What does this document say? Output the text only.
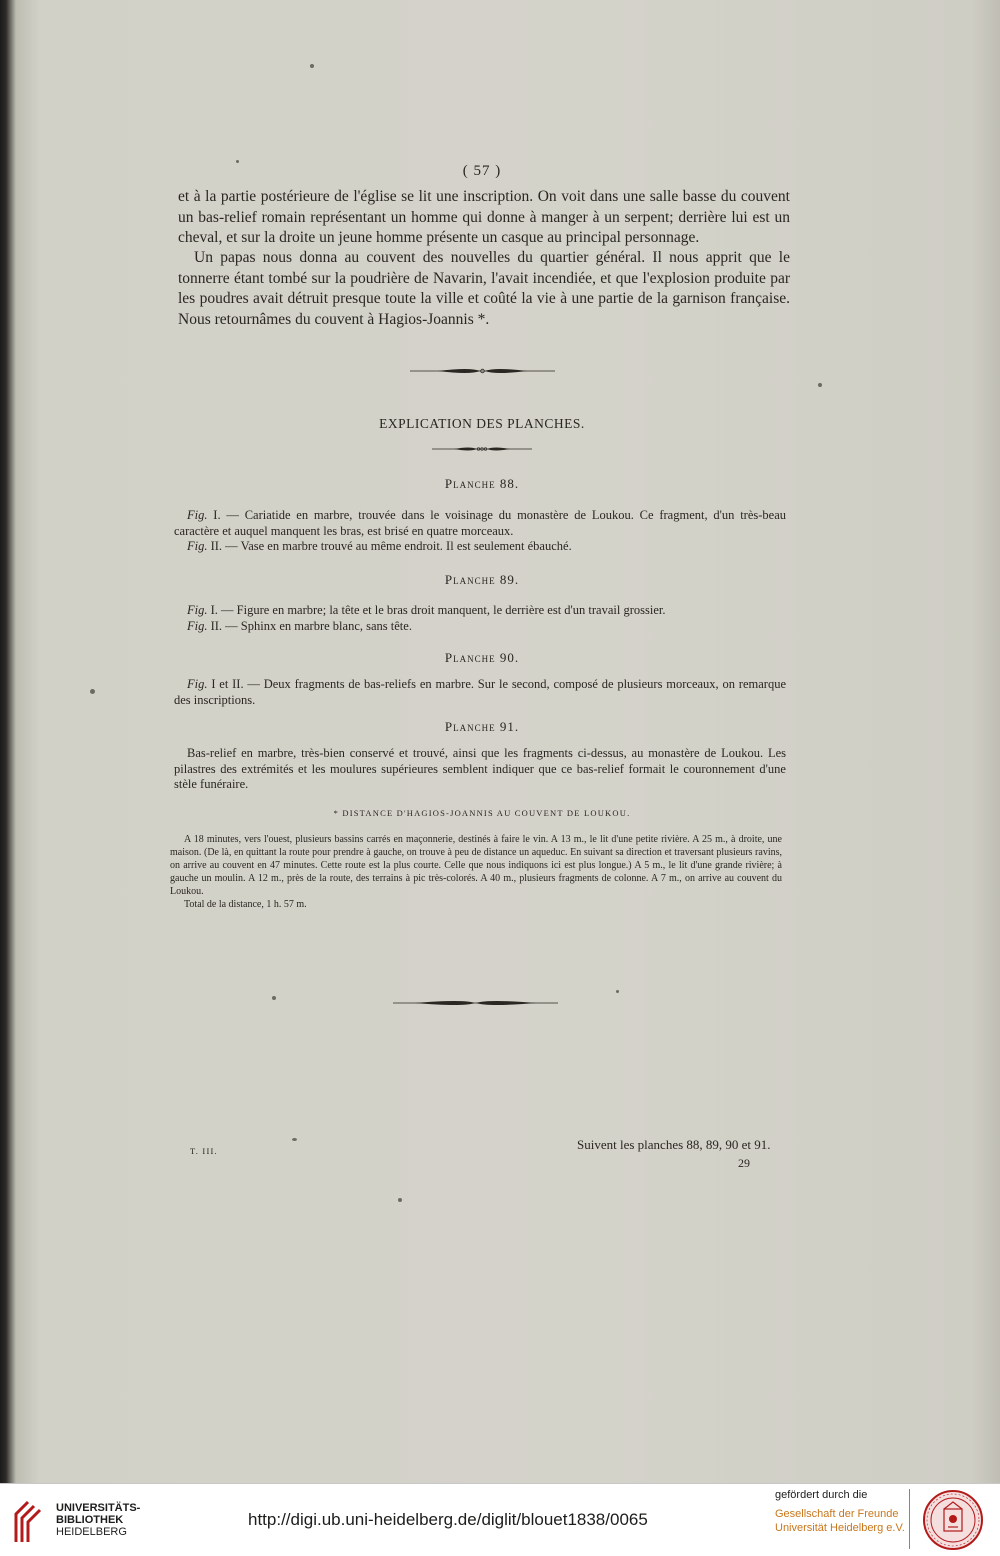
( 57 )

et à la partie postérieure de l'église se lit une inscription. On voit dans une salle basse du couvent un bas-relief romain représentant un homme qui donne à manger à un serpent; derrière lui est un cheval, et sur la droite un jeune homme présente un casque au principal personnage.

Un papas nous donna au couvent des nouvelles du quartier général. Il nous apprit que le tonnerre étant tombé sur la poudrière de Navarin, l'avait incendiée, et que l'explosion produite par les poudres avait détruit presque toute la ville et coûté la vie à une partie de la garnison française. Nous retournâmes du couvent à Hagios-Joannis *.

EXPLICATION DES PLANCHES.
Planche 88.
Fig. I. — Cariatide en marbre, trouvée dans le voisinage du monastère de Loukou. Ce fragment, d'un très-beau caractère et auquel manquent les bras, est brisé en quatre morceaux.
Fig. II. — Vase en marbre trouvé au même endroit. Il est seulement ébauché.
Planche 89.
Fig. I. — Figure en marbre; la tête et le bras droit manquent, le derrière est d'un travail grossier.
Fig. II. — Sphinx en marbre blanc, sans tête.
Planche 90.
Fig. I et II. — Deux fragments de bas-reliefs en marbre. Sur le second, composé de plusieurs morceaux, on remarque des inscriptions.
Planche 91.
Bas-relief en marbre, très-bien conservé et trouvé, ainsi que les fragments ci-dessus, au monastère de Loukou. Les pilastres des extrémités et les moulures supérieures semblent indiquer que ce bas-relief formait le couronnement d'une stèle funéraire.
* DISTANCE D'HAGIOS-JOANNIS AU COUVENT DE LOUKOU.
A 18 minutes, vers l'ouest, plusieurs bassins carrés en maçonnerie, destinés à faire le vin. A 13 m., le lit d'une petite rivière. A 25 m., à droite, une maison. (De là, en quittant la route pour prendre à gauche, on trouve à peu de distance un aqueduc. En suivant sa direction et traversant plusieurs ravins, on arrive au couvent en 47 minutes. Cette route est la plus courte. Celle que nous indiquons ici est plus longue.) A 5 m., le lit d'une grande rivière; à gauche un moulin. A 12 m., près de la route, des terrains à pic très-colorés. A 40 m., plusieurs fragments de colonne. A 7 m., on arrive au couvent du Loukou.
Total de la distance, 1 h. 57 m.
T. III.	Suivent les planches 88, 89, 90 et 91.
29
UNIVERSITÄTS-
BIBLIOTHEK
HEIDELBERG
http://digi.ub.uni-heidelberg.de/diglit/blouet1838/0065
gefördert durch die
Gesellschaft der Freunde
Universität Heidelberg e.V.
